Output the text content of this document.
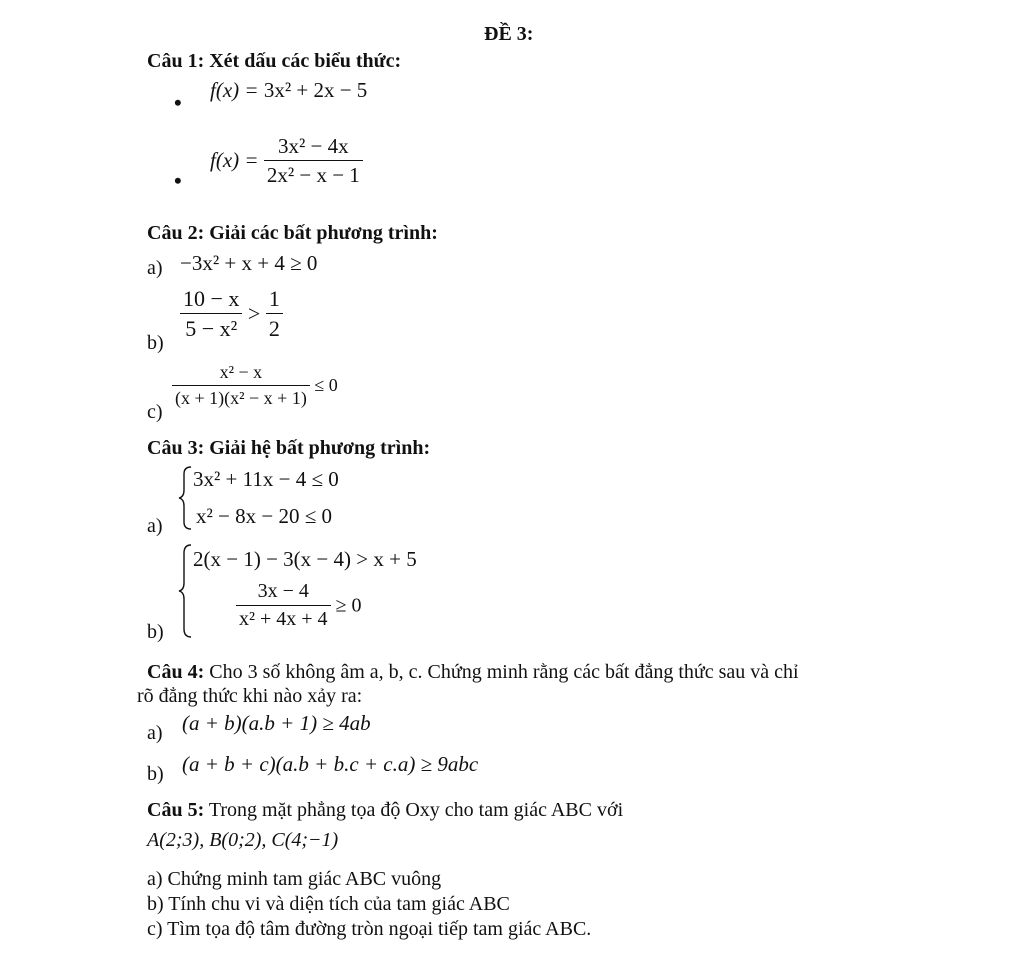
ĐỀ 3:
Câu 1: Xét dấu các biểu thức:
• f(x) = 3x² + 2x − 5
•
$f(x) = \frac{\text{3x² − 4x}}{\text{2x² − x − 1}}$
Câu 2: Giải các bất phương trình:
a) −3x² + x + 4 ≥ 0
b)
$\frac{10 - x}{\text{5 − x²}} > \frac{1}{2}$
c)
$\frac{\text{x² − x}}{\text{(x + 1)(x² − x + 1)}} \le 0$
Câu 3: Giải hệ bất phương trình:
a)
3x² + 11x − 4 ≤ 0
x² − 8x − 20 ≤ 0
b)
2(x − 1) − 3(x − 4) > x + 5
$\frac{3x - 4}{\text{x² + 4x + 4}} \ge 0$
Câu 4: Cho 3 số không âm a, b, c. Chứng minh rằng các bất đẳng thức sau và chỉ
rõ đẳng thức khi nào xảy ra:
a) (a + b)(a.b + 1) ≥ 4ab
b) (a + b + c)(a.b + b.c + c.a) ≥ 9abc
Câu 5: Trong mặt phẳng tọa độ Oxy cho tam giác ABC với
A(2;3), B(0;2), C(4;−1)
a) Chứng minh tam giác ABC vuông
b) Tính chu vi và diện tích của tam giác ABC
c) Tìm tọa độ tâm đường tròn ngoại tiếp tam giác ABC.
